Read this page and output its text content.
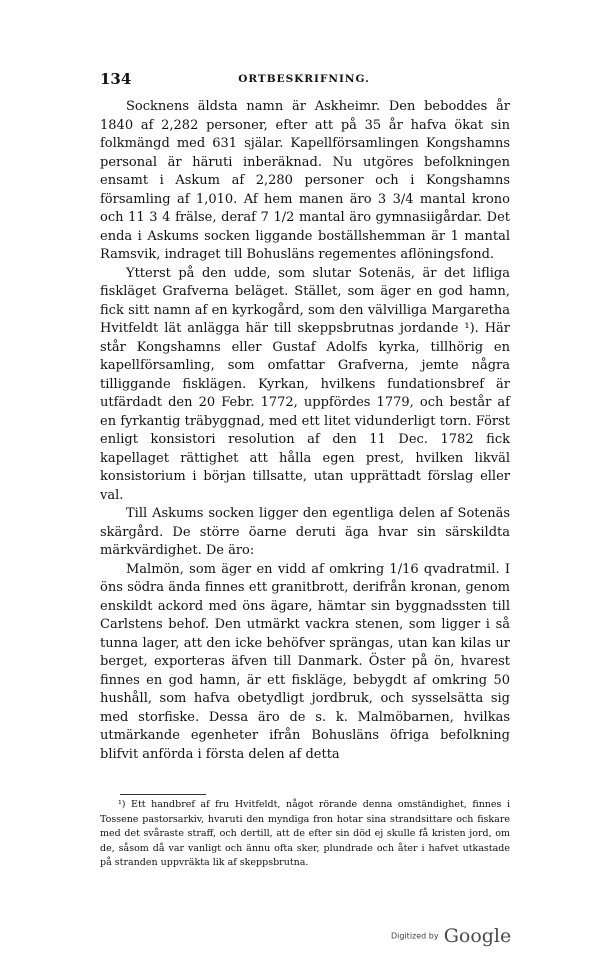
134	ORTBESKRIFNING.

Socknens äldsta namn är Askheimr. Den beboddes år 1840 af 2,282 personer, efter att på 35 år hafva ökat sin folkmängd med 631 själar. Kapellförsamlingen Kongshamns personal är häruti inberäknad. Nu utgöres befolkningen ensamt i Askum af 2,280 personer och i Kongshamns församling af 1,010. Af hem manen äro 3 3/4 mantal krono och 11 3 4 frälse, deraf 7 1/2 mantal äro gymnasiigårdar. Det enda i Askums socken liggande boställshemman är 1 mantal Ramsvik, indraget till Bohusläns regementes aflöningsfond.

Ytterst på den udde, som slutar Sotenäs, är det lifliga fiskläget Grafverna beläget. Stället, som äger en god hamn, fick sitt namn af en kyrkogård, som den välvilliga Margaretha Hvitfeldt lät anlägga här till skeppsbrutnas jordande ¹). Här står Kongshamns eller Gustaf Adolfs kyrka, tillhörig en kapellförsamling, som omfattar Grafverna, jemte några tilliggande fisklägen. Kyrkan, hvilkens fundationsbref är utfärdadt den 20 Febr. 1772, uppfördes 1779, och består af en fyrkantig träbyggnad, med ett litet vidunderligt torn. Först enligt konsistori resolution af den 11 Dec. 1782 fick kapellaget rättighet att hålla egen prest, hvilken likväl konsistorium i början tillsatte, utan upprättadt förslag eller val.

Till Askums socken ligger den egentliga delen af Sotenäs skärgård. De större öarne deruti äga hvar sin särskildta märkvärdighet. De äro:

Malmön, som äger en vidd af omkring 1/16 qvadratmil. I öns södra ända finnes ett granitbrott, derifrån kronan, genom enskildt ackord med öns ägare, hämtar sin byggnadssten till Carlstens behof. Den utmärkt vackra stenen, som ligger i så tunna lager, att den icke behöfver sprängas, utan kan kilas ur berget, exporteras äfven till Danmark. Öster på ön, hvarest finnes en god hamn, är ett fiskläge, bebygdt af omkring 50 hushåll, som hafva obetydligt jordbruk, och sysselsätta sig med storfiske. Dessa äro de s. k. Malmöbarnen, hvilkas utmärkande egenheter ifrån Bohusläns öfriga befolkning blifvit anförda i första delen af detta

¹) Ett handbref af fru Hvitfeldt, något rörande denna omständighet, finnes i Tossene pastorsarkiv, hvaruti den myndiga fron hotar sina strandsittare och fiskare med det svåraste straff, och dertill, att de efter sin död ej skulle få kristen jord, om de, såsom då var vanligt och ännu ofta sker, plundrade och åter i hafvet utkastade på stranden uppvräkta lik af skeppsbrutna.

Digitized by Google
